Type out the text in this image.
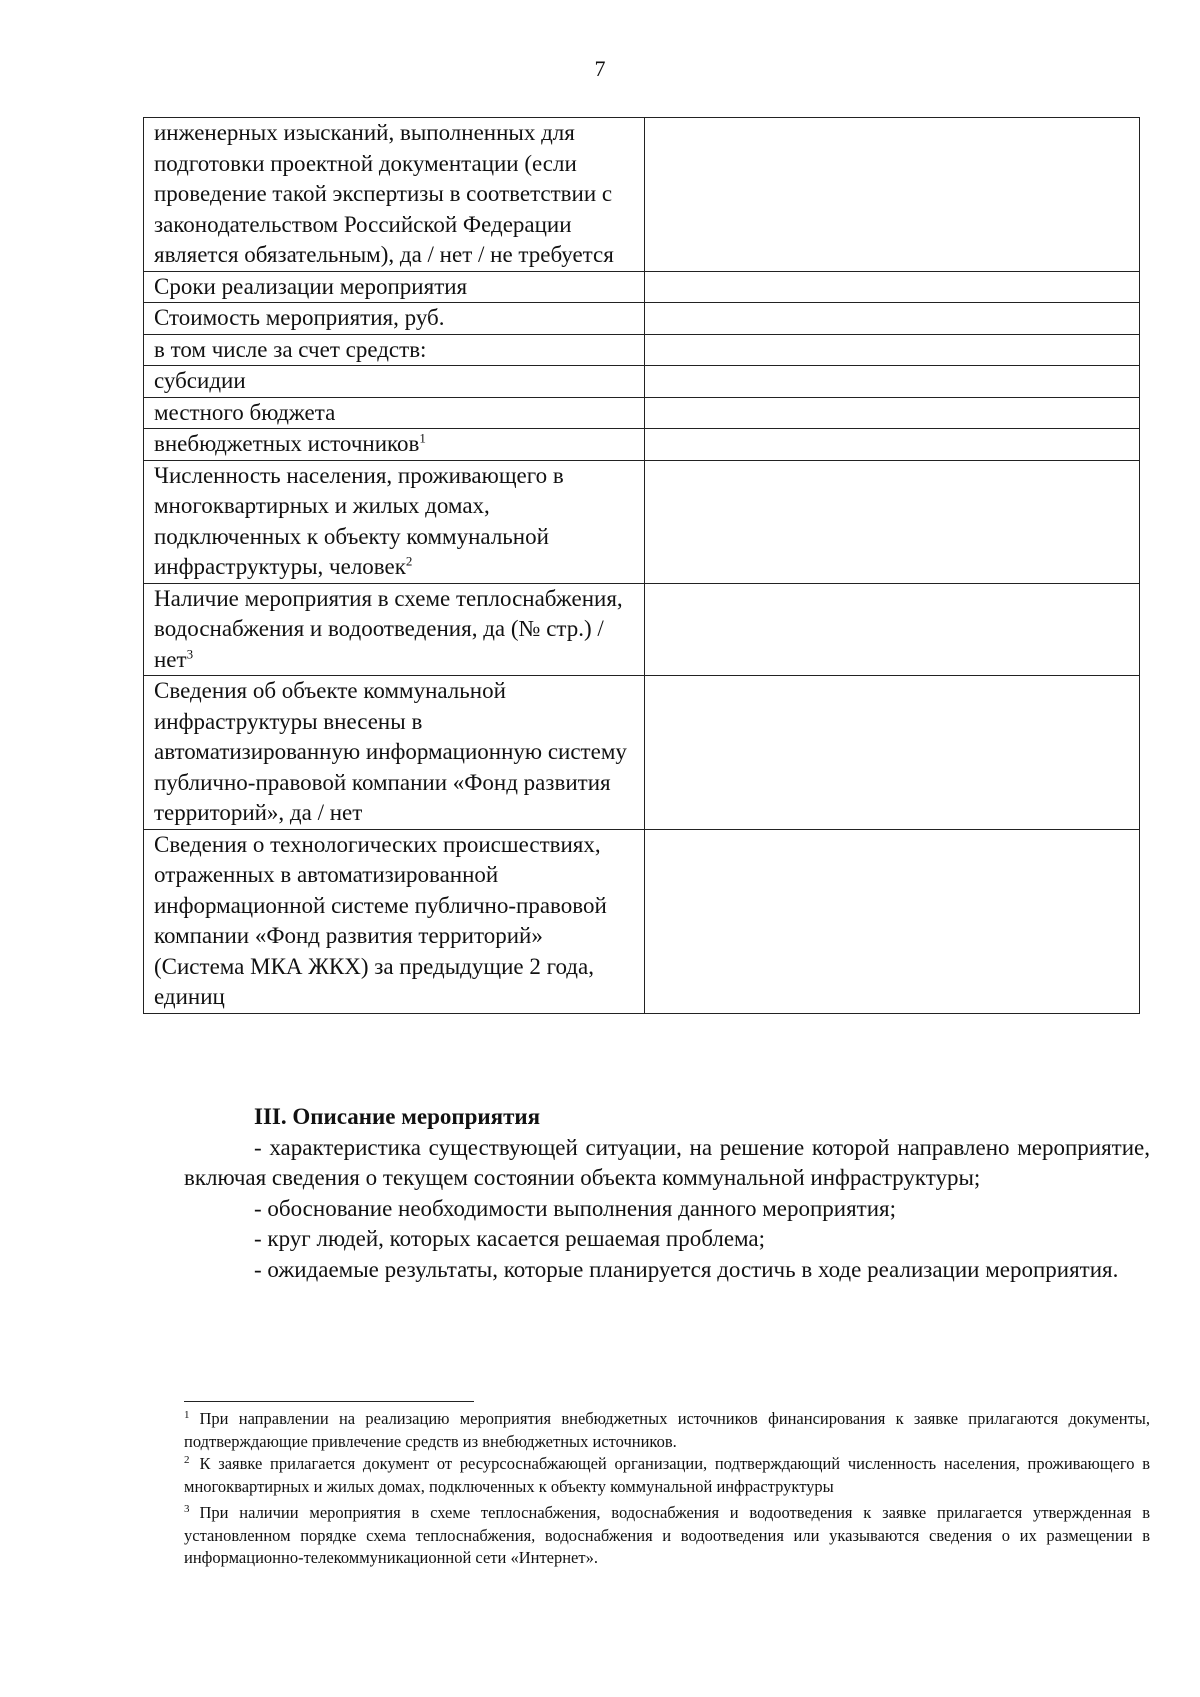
7
инженерных изысканий, выполненных для подготовки проектной документации (если проведение такой экспертизы в соответствии с законодательством Российской Федерации является обязательным), да / нет / не требуется	
Сроки реализации мероприятия	
Стоимость мероприятия, руб.	
в том числе за счет средств:	
субсидии	
местного бюджета	
внебюджетных источников$^1$	
Численность населения, проживающего в многоквартирных и жилых домах, подключенных к объекту коммунальной инфраструктуры, человек$^2$	
Наличие мероприятия в схеме теплоснабжения, водоснабжения и водоотведения, да (№ стр.) / нет$^3$	
Сведения об объекте коммунальной инфраструктуры внесены в автоматизированную информационную систему публично-правовой компании «Фонд развития территорий», да / нет	
Сведения о технологических происшествиях, отраженных в автоматизированной информационной системе публично-правовой компании «Фонд развития территорий» (Система МКА ЖКХ) за предыдущие 2 года, единиц	
III. Описание мероприятия

- характеристика существующей ситуации, на решение которой направлено мероприятие, включая сведения о текущем состоянии объекта коммунальной инфраструктуры;

- обоснование необходимости выполнения данного мероприятия;

- круг людей, которых касается решаемая проблема;

- ожидаемые результаты, которые планируется достичь в ходе реализации мероприятия.

$^1$ При направлении на реализацию мероприятия внебюджетных источников финансирования к заявке прилагаются документы, подтверждающие привлечение средств из внебюджетных источников.

$^2$ К заявке прилагается документ от ресурсоснабжающей организации, подтверждающий численность населения, проживающего в многоквартирных и жилых домах, подключенных к объекту коммунальной инфраструктуры

$^3$ При наличии мероприятия в схеме теплоснабжения, водоснабжения и водоотведения к заявке прилагается утвержденная в установленном порядке схема теплоснабжения, водоснабжения и водоотведения или указываются сведения о их размещении в информационно-телекоммуникационной сети «Интернет».
